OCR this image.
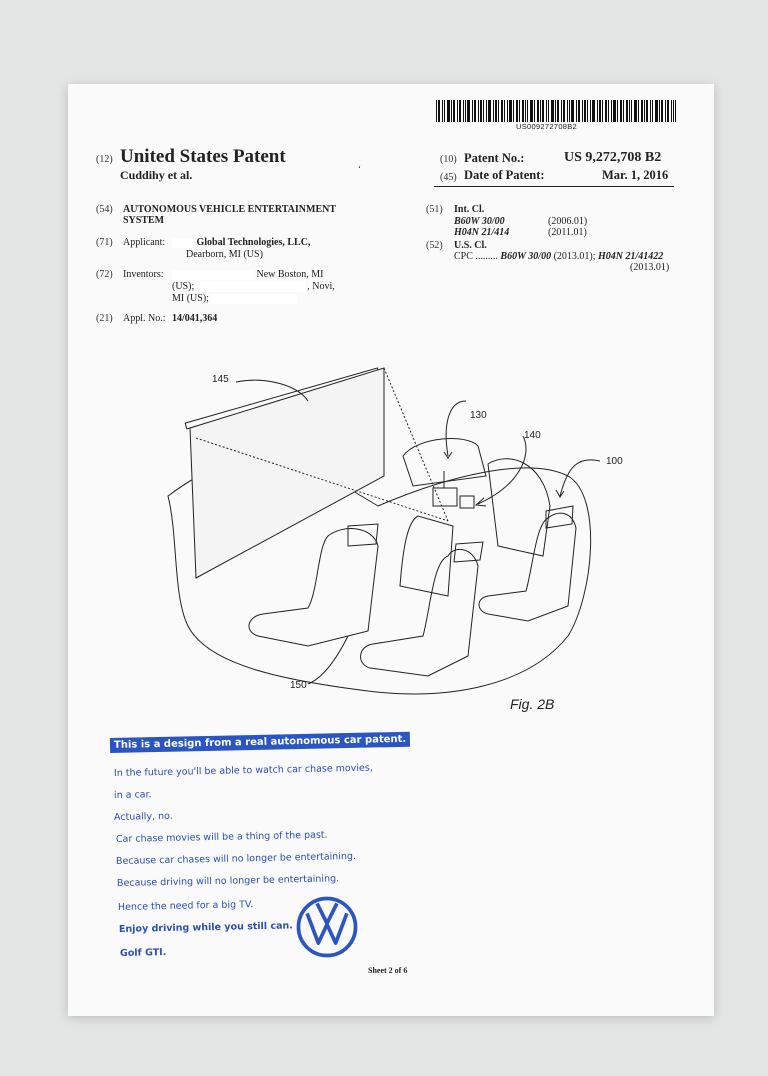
US009272708B2
(12) United States Patent
Cuddihy et al.
(10) Patent No.:	US 9,272,708 B2
(45) Date of Patent:	Mar. 1, 2016
‘
(54) AUTONOMOUS VEHICLE ENTERTAINMENT
SYSTEM
(71) Applicant:	Global Technologies, LLC,
Dearborn, MI (US)
(72) Inventors:	New Boston, MI
(US);	, Novi,
MI (US);
(21) Appl. No.: 14/041,364
(51) Int. Cl.
B60W 30/00	(2006.01)
H04N 21/414	(2011.01)
(52) U.S. Cl.
CPC ......... B60W 30/00 (2013.01); H04N 21/41422
(2013.01)
145
130
140
100
150
Fig. 2B
This is a design from a real autonomous car patent.
In the future you'll be able to watch car chase movies,
in a car.
Actually, no.
Car chase movies will be a thing of the past.
Because car chases will no longer be entertaining.
Because driving will no longer be entertaining.
Hence the need for a big TV.
Enjoy driving while you still can.
Golf GTI.
Sheet 2 of 6
